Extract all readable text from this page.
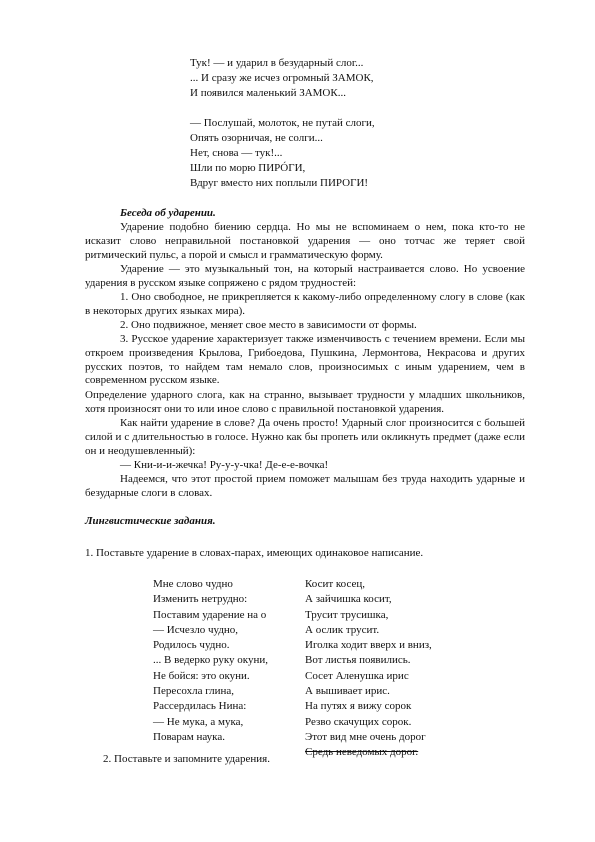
Тук! — и ударил в безударный слог...
... И сразу же исчез огромный ЗАМОК,
И появился маленький ЗАМОК...
— Послушай, молоток, не путай слоги,
Опять озорничая, не солги...
Нет, снова — тук!...
Шли по морю ПИРÓГИ,
Вдруг вместо них поплыли ПИРОГИ!
Беседа об ударении.
Ударение подобно биению сердца. Но мы не вспоминаем о нем, пока кто-то не исказит слово неправильной постановкой ударения — оно тотчас же теряет свой ритмический пульс, а порой и смысл и грамматическую форму.
Ударение — это музыкальный тон, на который настраивается слово. Но усвоение ударения в русском языке сопряжено с рядом трудностей:
1. Оно свободное, не прикрепляется к какому-либо определенному слогу в слове (как в некоторых других языках мира).
2. Оно подвижное, меняет свое место в зависимости от формы.
3. Русское ударение характеризует также изменчивость с течением времени. Если мы откроем произведения Крылова, Грибоедова, Пушкина, Лермонтова, Некрасова и других русских поэтов, то найдем там немало слов, произносимых с иным ударением, чем в современном русском языке.
Определение ударного слога, как на странно, вызывает трудности у младших школьников, хотя произносят они то или иное слово с правильной постановкой ударения.
Как найти ударение в слове? Да очень просто! Ударный слог произносится с большей силой и с длительностью в голосе. Нужно как бы пропеть или окликнуть предмет (даже если он и неодушевленный):
— Кни-и-и-жечка! Ру-у-у-чка! Де-е-е-вочка!
Надеемся, что этот простой прием поможет малышам без труда находить ударные и безударные слоги в словах.
Лингвистические задания.
1. Поставьте ударение в словах-парах, имеющих одинаковое написание.
Мне слово чудно
Изменить нетрудно:
Поставим ударение на о
— Исчезло чудно,
Родилось чудно.
... В ведерко руку окуни,
Не бойся: это окуни.
Пересохла глина,
Рассердилась Нина:
— Не мука, а мука,
Поварам наука.
Косит косец,
А зайчишка косит,
Трусит трусишка,
А ослик трусит.
Иголка ходит вверх и вниз,
Вот листья появились.
Сосет Аленушка ирис
А вышивает ирис.
На путях я вижу сорок
Резво скачущих сорок.
Этот вид мне очень дорог
Средь неведомых дорог.
2. Поставьте и запомните ударения.
